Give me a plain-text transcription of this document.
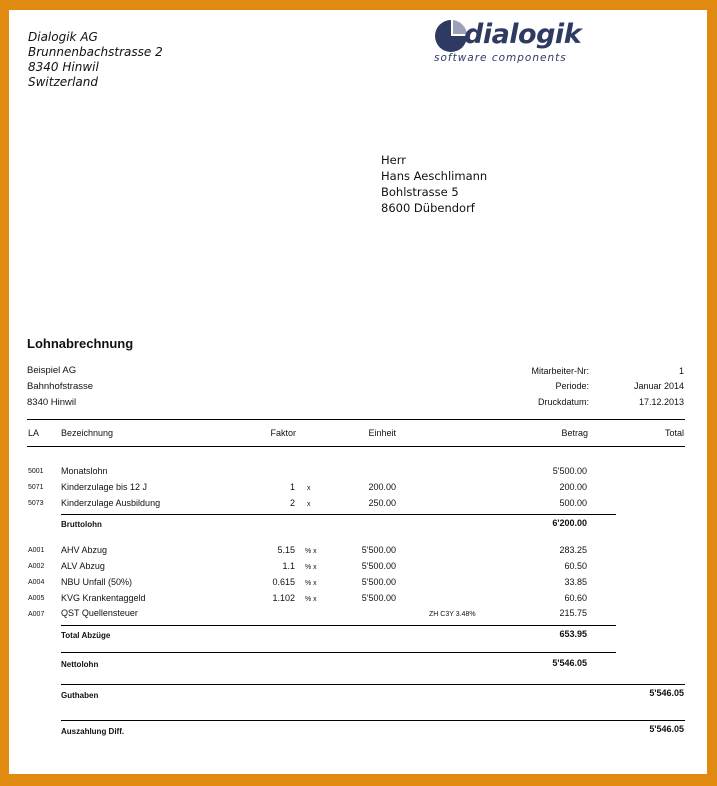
Dialogik AG
Brunnenbachstrasse 2
8340 Hinwil
Switzerland
dialogik
software components
Herr
Hans Aeschlimann
Bohlstrasse 5
8600 Dübendorf
Lohnabrechnung
Beispiel AG
Bahnhofstrasse
8340 Hinwil
Mitarbeiter-Nr:	1
Periode:	Januar 2014
Druckdatum:	17.12.2013
LA Bezeichnung	Faktor	Einheit	Betrag	Total
5001 Monatslohn	5'500.00
5071 Kinderzulage bis 12 J	1 x	200.00	200.00
5073 Kinderzulage Ausbildung	2 x	250.00	500.00
Bruttolohn	6'200.00
A001 AHV Abzug	5.15 % x	5'500.00	283.25
A002 ALV Abzug	1.1 % x	5'500.00	60.50
A004 NBU Unfall (50%)	0.615 % x	5'500.00	33.85
A005 KVG Krankentaggeld	1.102 % x	5'500.00	60.60
A007 QST Quellensteuer	ZH C3Y 3.48%	215.75
Total Abzüge	653.95
Nettolohn	5'546.05
Guthaben	5'546.05
Auszahlung Diff.	5'546.05
